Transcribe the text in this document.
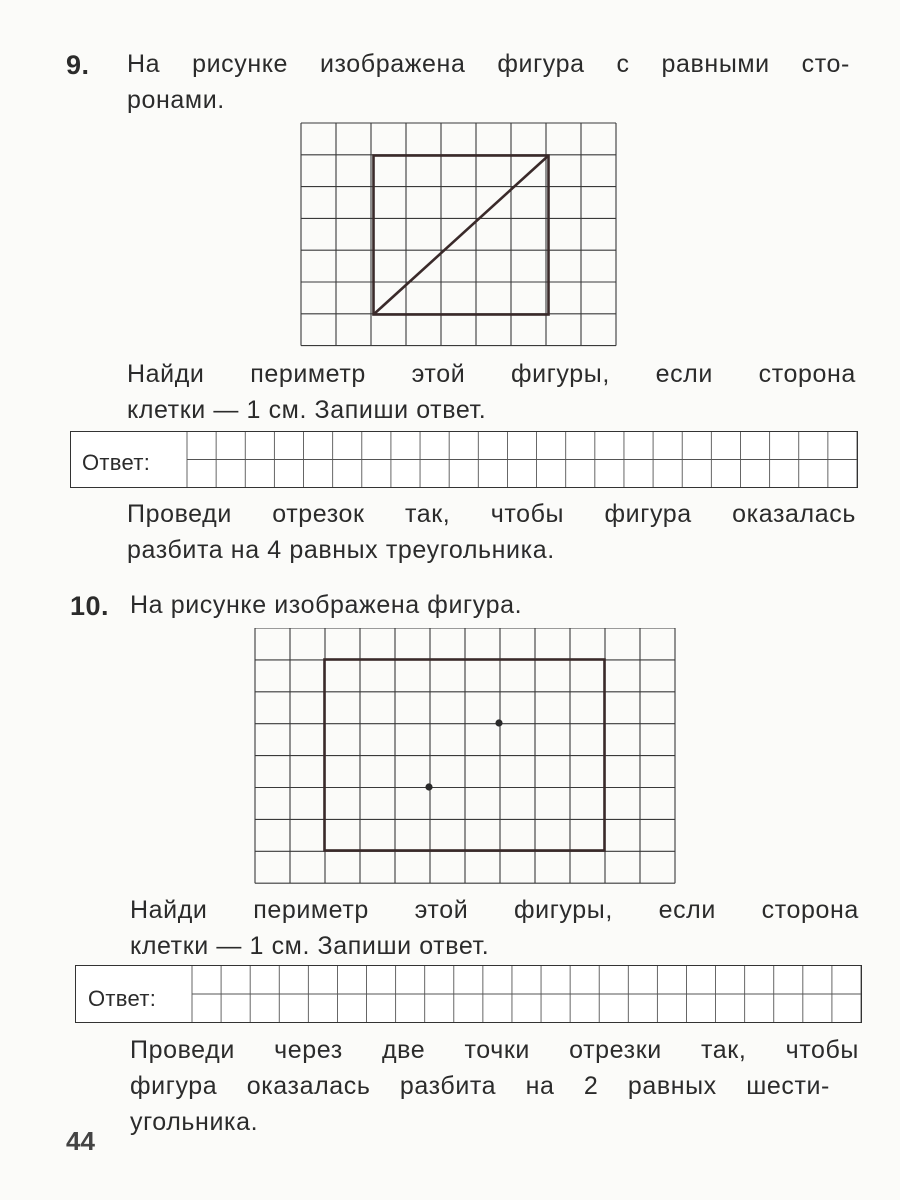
9. На рисунке изображена фигура с равными сто-
ронами.
Найди периметр этой фигуры, если сторона
клетки — 1 см. Запиши ответ.
Ответ:
Проведи отрезок так, чтобы фигура оказалась
разбита на 4 равных треугольника.
10. На рисунке изображена фигура.
Найди периметр этой фигуры, если сторона
клетки — 1 см. Запиши ответ.
Ответ:
Проведи через две точки отрезки так, чтобы
фигура оказалась разбита на 2 равных шести-
угольника.
44
